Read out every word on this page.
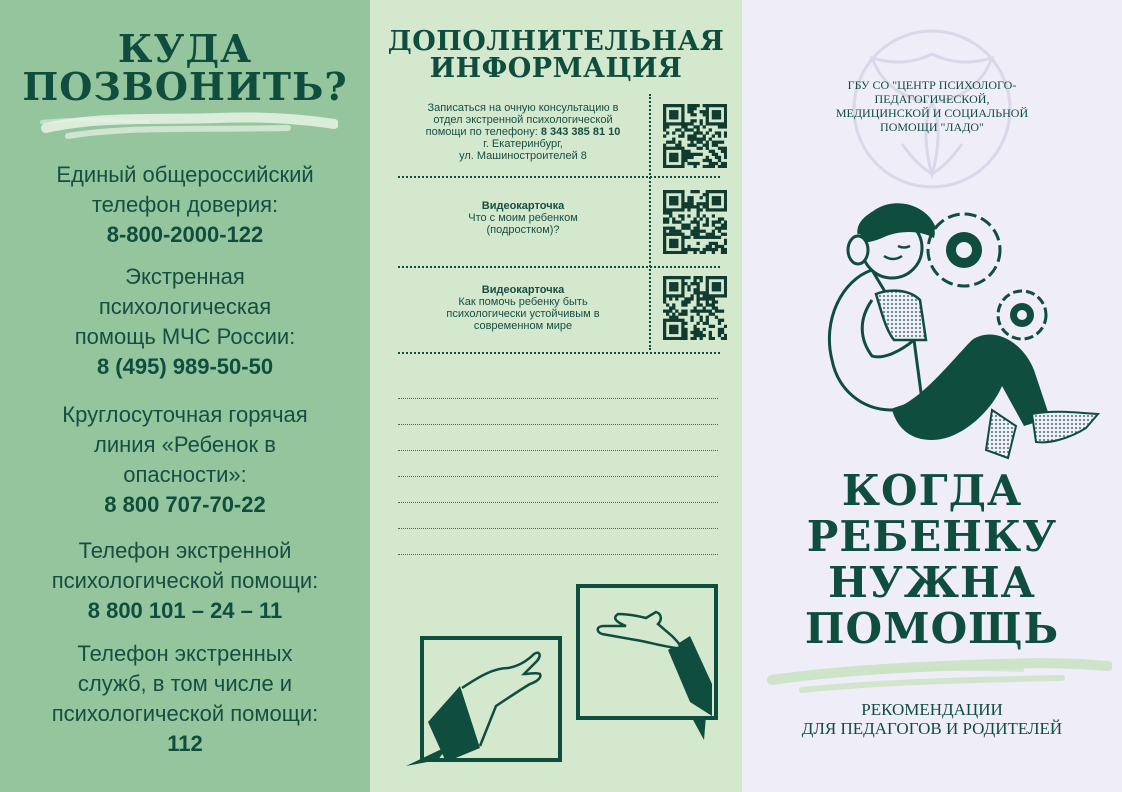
КУДА
ПОЗВОНИТЬ?
Единый общероссийский
телефон доверия:
8-800-2000-122
Экстренная
психологическая
помощь МЧС России:
8 (495) 989-50-50
Круглосуточная горячая
линия «Ребенок в
опасности»:
8 800 707-70-22
Телефон экстренной
психологической помощи:
8 800 101 – 24 – 11
Телефон экстренных
служб, в том числе и
психологической помощи:
112
ДОПОЛНИТЕЛЬНАЯ
ИНФОРМАЦИЯ
Записаться на очную консультацию в
отдел экстренной психологической
помощи по телефону: 8 343 385 81 10
г. Екатеринбург,
ул. Машиностроителей 8
Видеокарточка
Что с моим ребенком
(подростком)?
Видеокарточка
Как помочь ребенку быть
психологически устойчивым в
современном мире
ГБУ СО "ЦЕНТР ПСИХОЛОГО-
ПЕДАГОГИЧЕСКОЙ,
МЕДИЦИНСКОЙ И СОЦИАЛЬНОЙ
ПОМОЩИ "ЛАДО"
КОГДА
РЕБЕНКУ
НУЖНА
ПОМОЩЬ
РЕКОМЕНДАЦИИ
ДЛЯ ПЕДАГОГОВ И РОДИТЕЛЕЙ
